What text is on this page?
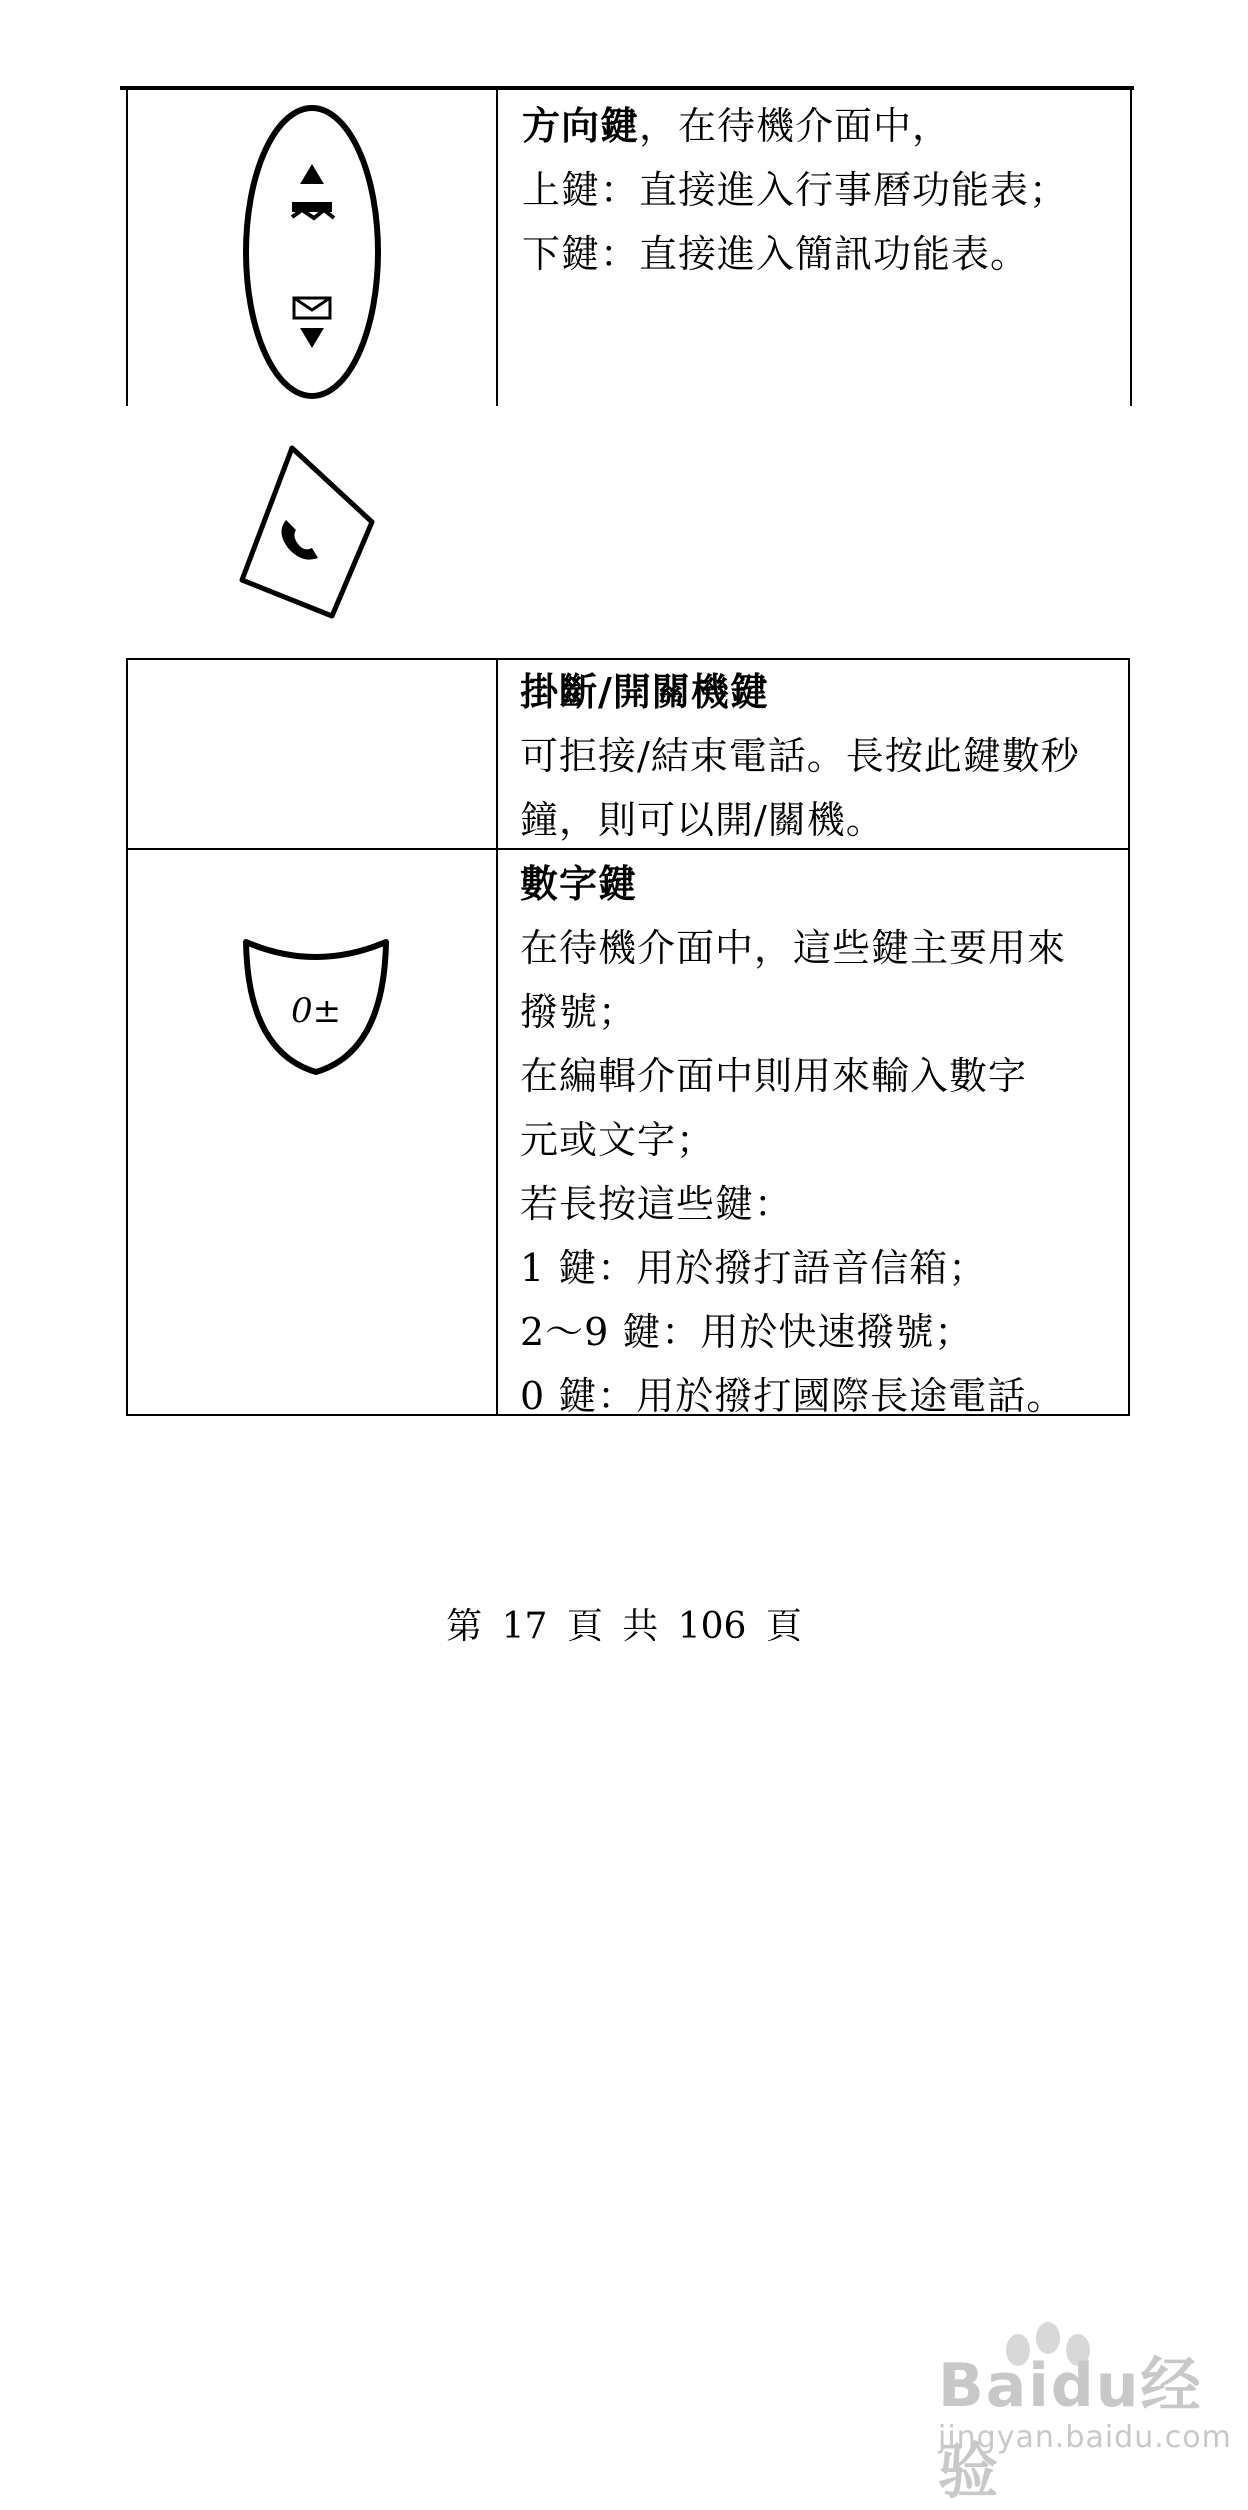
方向鍵，在待機介面中，
上鍵：直接進入行事曆功能表；
下鍵：直接進入簡訊功能表。
掛斷/開關機鍵
可拒接/結束電話。長按此鍵數秒
鐘，則可以開/關機。
0±
數字鍵
在待機介面中，這些鍵主要用來
撥號；
在編輯介面中則用來輸入數字
元或文字；
若長按這些鍵：
1 鍵：用於撥打語音信箱；
2～9 鍵：用於快速撥號；
0 鍵：用於撥打國際長途電話。
第 17 頁 共 106 頁
Baidu经验
jingyan.baidu.com
